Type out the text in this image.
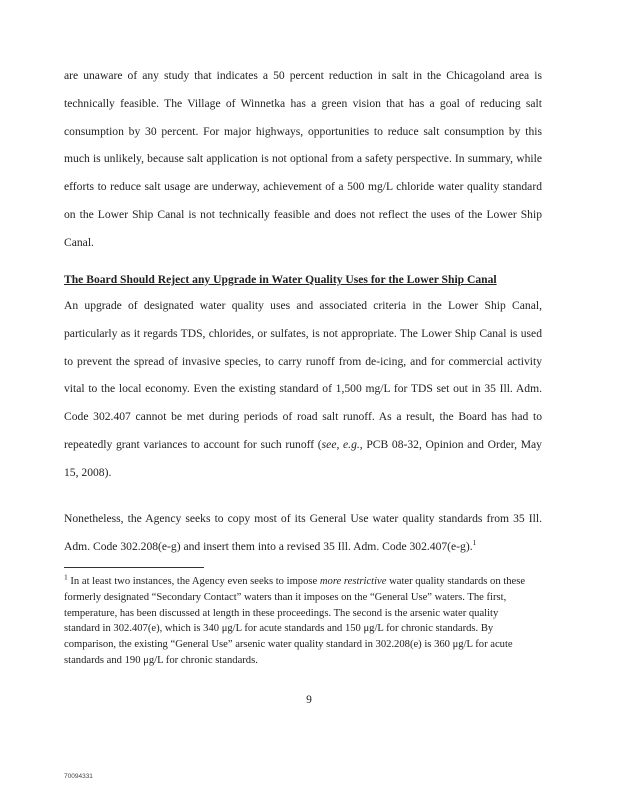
are unaware of any study that indicates a 50 percent reduction in salt in the Chicagoland area is technically feasible. The Village of Winnetka has a green vision that has a goal of reducing salt consumption by 30 percent. For major highways, opportunities to reduce salt consumption by this much is unlikely, because salt application is not optional from a safety perspective. In summary, while efforts to reduce salt usage are underway, achievement of a 500 mg/L chloride water quality standard on the Lower Ship Canal is not technically feasible and does not reflect the uses of the Lower Ship Canal.

The Board Should Reject any Upgrade in Water Quality Uses for the Lower Ship Canal

An upgrade of designated water quality uses and associated criteria in the Lower Ship Canal, particularly as it regards TDS, chlorides, or sulfates, is not appropriate. The Lower Ship Canal is used to prevent the spread of invasive species, to carry runoff from de-icing, and for commercial activity vital to the local economy. Even the existing standard of 1,500 mg/L for TDS set out in 35 Ill. Adm. Code 302.407 cannot be met during periods of road salt runoff. As a result, the Board has had to repeatedly grant variances to account for such runoff (see, e.g., PCB 08-32, Opinion and Order, May 15, 2008).

Nonetheless, the Agency seeks to copy most of its General Use water quality standards from 35 Ill. Adm. Code 302.208(e-g) and insert them into a revised 35 Ill. Adm. Code 302.407(e-g).$^1$

$^1$ In at least two instances, the Agency even seeks to impose more restrictive water quality standards on these formerly designated “Secondary Contact” waters than it imposes on the “General Use” waters. The first, temperature, has been discussed at length in these proceedings. The second is the arsenic water quality standard in 302.407(e), which is 340 μg/L for acute standards and 150 μg/L for chronic standards. By comparison, the existing “General Use” arsenic water quality standard in 302.208(e) is 360 μg/L for acute standards and 190 μg/L for chronic standards.

9

70094331
